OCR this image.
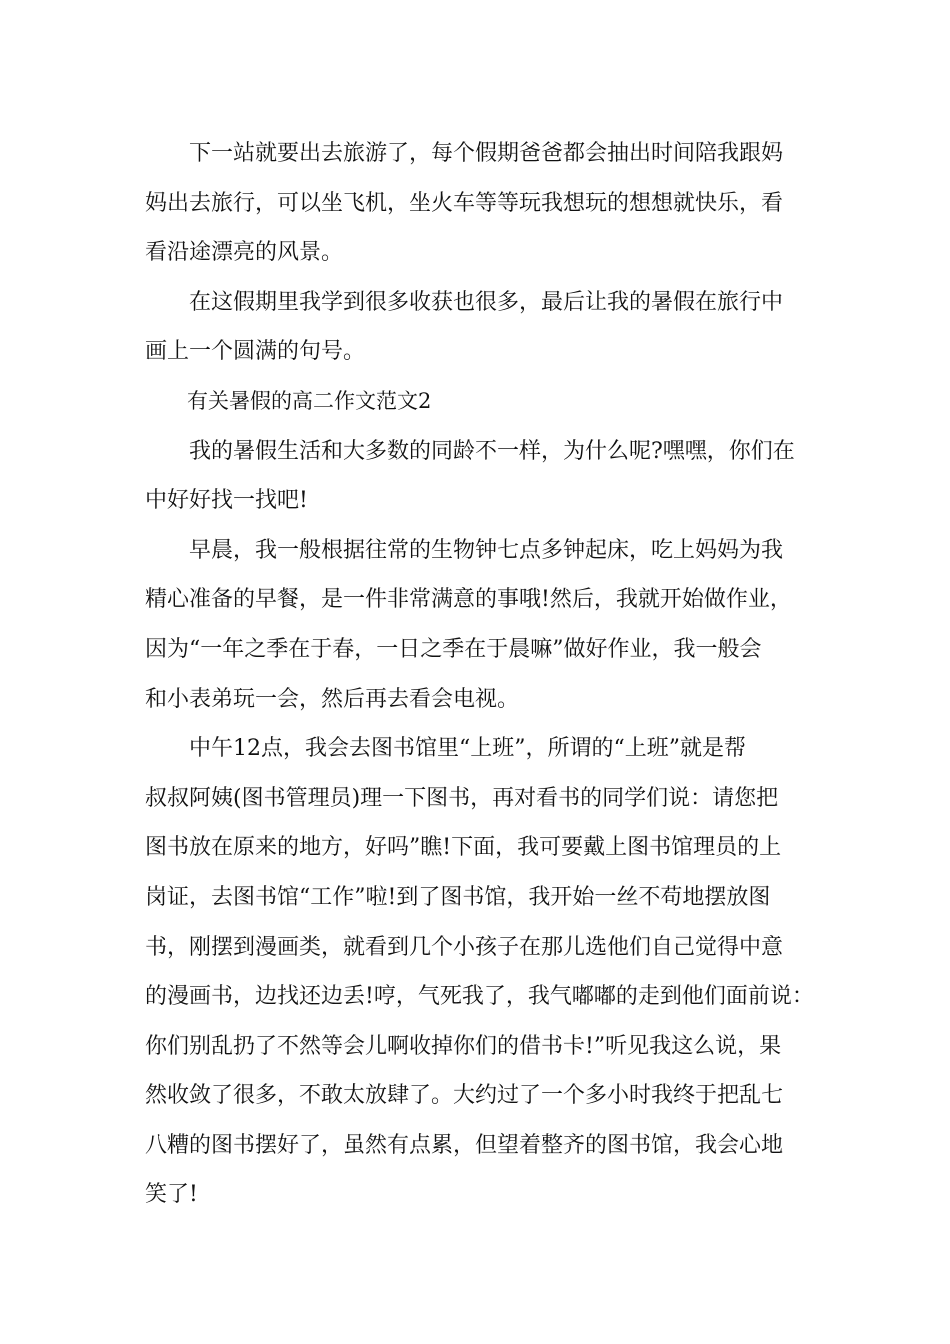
　　下一站就要出去旅游了，每个假期爸爸都会抽出时间陪我跟妈
妈出去旅行，可以坐飞机，坐火车等等玩我想玩的想想就快乐，看
看沿途漂亮的风景。
　　在这假期里我学到很多收获也很多，最后让我的暑假在旅行中
画上一个圆满的句号。
　　有关暑假的高二作文范文2
　　我的暑假生活和大多数的同龄不一样，为什么呢?嘿嘿，你们在
中好好找一找吧!
　　早晨，我一般根据往常的生物钟七点多钟起床，吃上妈妈为我
精心准备的早餐，是一件非常满意的事哦!然后，我就开始做作业，
因为“一年之季在于春，一日之季在于晨嘛”做好作业，我一般会
和小表弟玩一会，然后再去看会电视。
　　中午12点，我会去图书馆里“上班”，所谓的“上班”就是帮
叔叔阿姨(图书管理员)理一下图书，再对看书的同学们说：请您把
图书放在原来的地方，好吗”瞧!下面，我可要戴上图书馆理员的上
岗证，去图书馆“工作”啦!到了图书馆，我开始一丝不苟地摆放图
书，刚摆到漫画类，就看到几个小孩子在那儿选他们自己觉得中意
的漫画书，边找还边丢!哼，气死我了，我气嘟嘟的走到他们面前说：
你们别乱扔了不然等会儿啊收掉你们的借书卡!”听见我这么说，果
然收敛了很多，不敢太放肆了。大约过了一个多小时我终于把乱七
八糟的图书摆好了，虽然有点累，但望着整齐的图书馆，我会心地
笑了!
